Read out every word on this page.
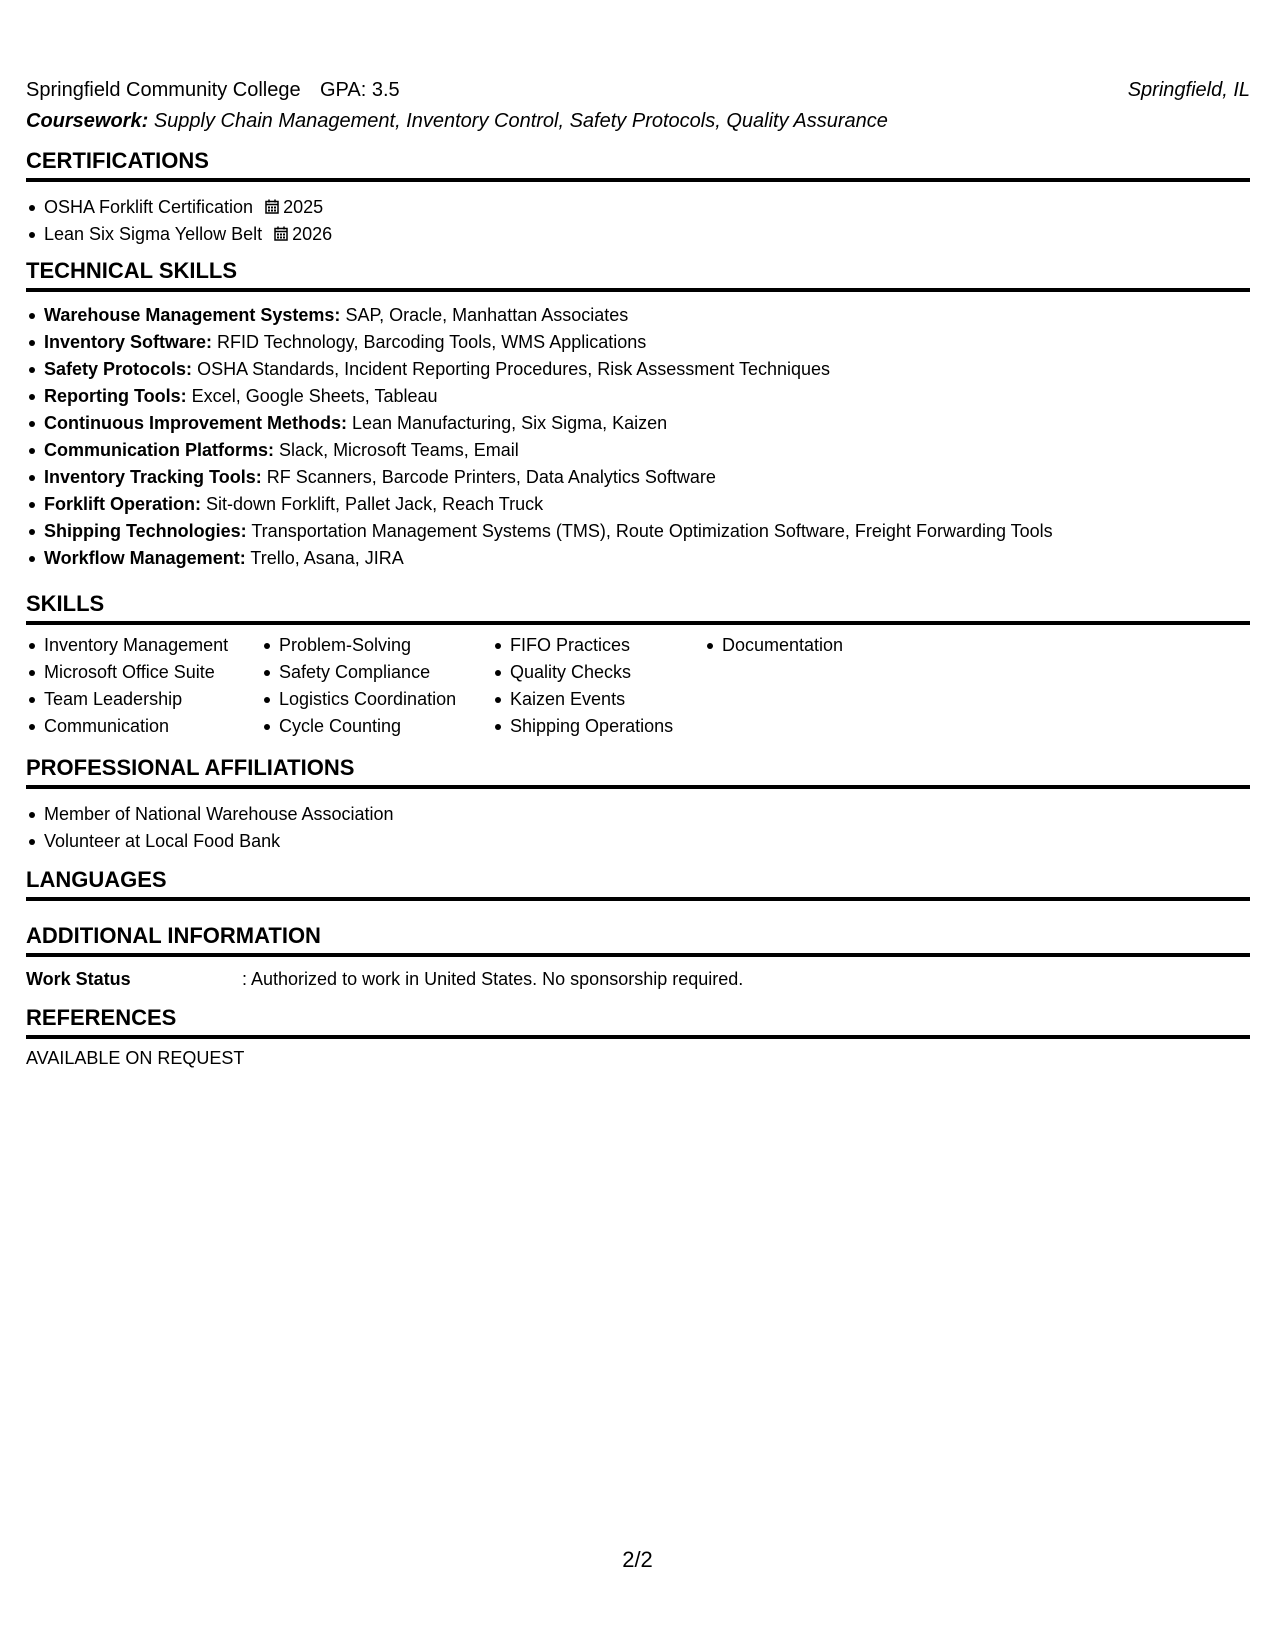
Springfield Community College GPA: 3.5	Springfield, IL
Coursework: Supply Chain Management, Inventory Control, Safety Protocols, Quality Assurance
CERTIFICATIONS
OSHA Forklift Certification 2025
Lean Six Sigma Yellow Belt 2026
TECHNICAL SKILLS
Warehouse Management Systems: SAP, Oracle, Manhattan Associates
Inventory Software: RFID Technology, Barcoding Tools, WMS Applications
Safety Protocols: OSHA Standards, Incident Reporting Procedures, Risk Assessment Techniques
Reporting Tools: Excel, Google Sheets, Tableau
Continuous Improvement Methods: Lean Manufacturing, Six Sigma, Kaizen
Communication Platforms: Slack, Microsoft Teams, Email
Inventory Tracking Tools: RF Scanners, Barcode Printers, Data Analytics Software
Forklift Operation: Sit-down Forklift, Pallet Jack, Reach Truck
Shipping Technologies: Transportation Management Systems (TMS), Route Optimization Software, Freight Forwarding Tools
Workflow Management: Trello, Asana, JIRA
SKILLS
Inventory Management
Microsoft Office Suite
Team Leadership
Communication
Problem-Solving
Safety Compliance
Logistics Coordination
Cycle Counting
FIFO Practices
Quality Checks
Kaizen Events
Shipping Operations
Documentation
PROFESSIONAL AFFILIATIONS
Member of National Warehouse Association
Volunteer at Local Food Bank
LANGUAGES
ADDITIONAL INFORMATION
Work Status	: Authorized to work in United States. No sponsorship required.
REFERENCES
AVAILABLE ON REQUEST
2/2
